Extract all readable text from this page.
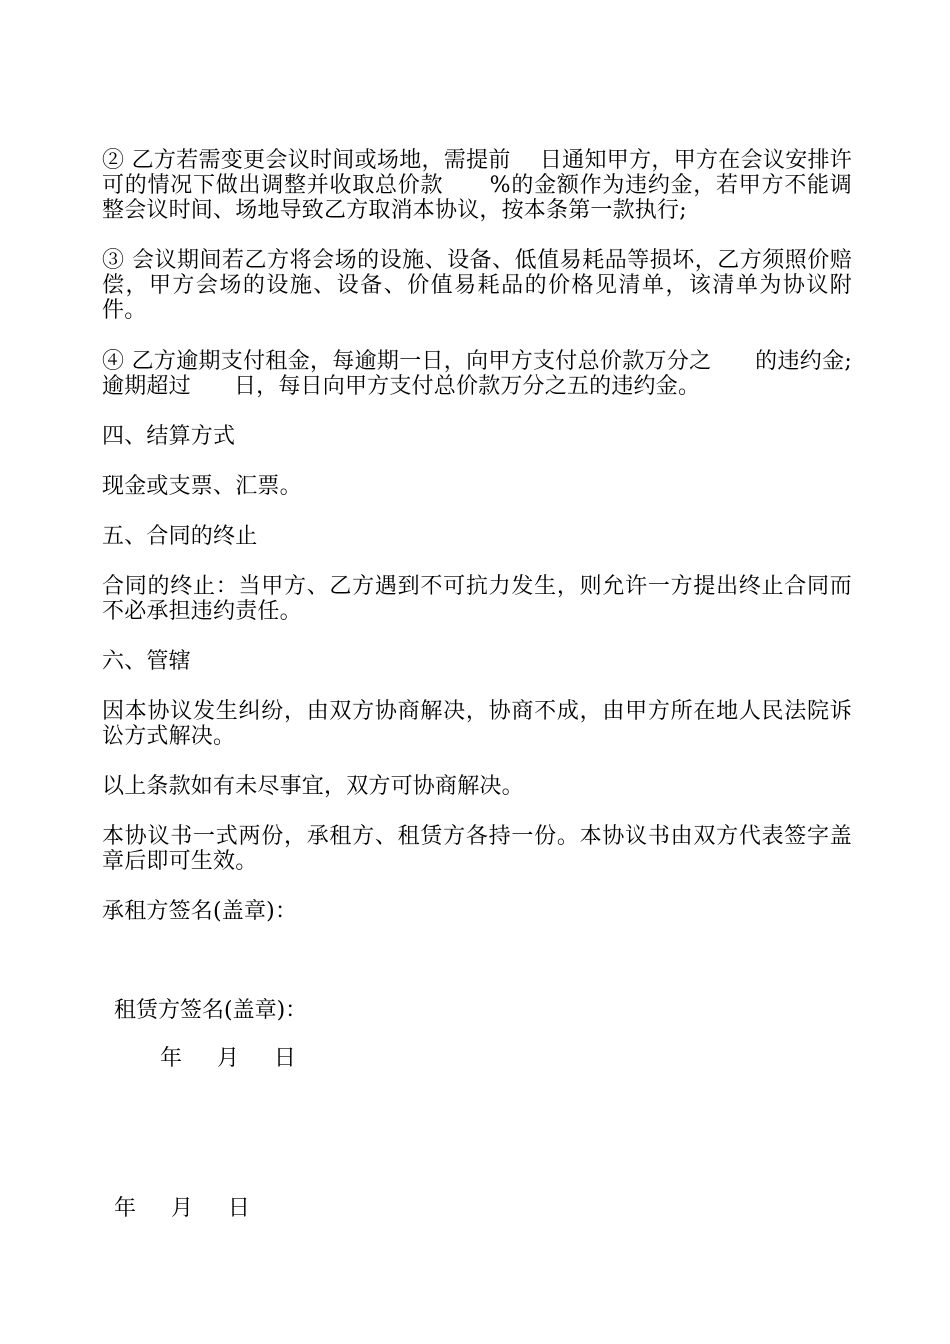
② 乙方若需变更会议时间或场地，需提前    日通知甲方，甲方在会议安排许可的情况下做出调整并收取总价款      %的金额作为违约金，若甲方不能调整会议时间、场地导致乙方取消本协议，按本条第一款执行;

③ 会议期间若乙方将会场的设施、设备、低值易耗品等损坏，乙方须照价赔偿，甲方会场的设施、设备、价值易耗品的价格见清单，该清单为协议附件。

④ 乙方逾期支付租金，每逾期一日，向甲方支付总价款万分之      的违约金;逾期超过      日，每日向甲方支付总价款万分之五的违约金。

四、结算方式

现金或支票、汇票。

五、合同的终止

合同的终止：当甲方、乙方遇到不可抗力发生，则允许一方提出终止合同而不必承担违约责任。

六、管辖

因本协议发生纠纷，由双方协商解决，协商不成，由甲方所在地人民法院诉讼方式解决。

以上条款如有未尽事宜，双方可协商解决。

本协议书一式两份，承租方、租赁方各持一份。本协议书由双方代表签字盖章后即可生效。

承租方签名(盖章)：

租赁方签名(盖章)：
年     月     日
年     月     日
